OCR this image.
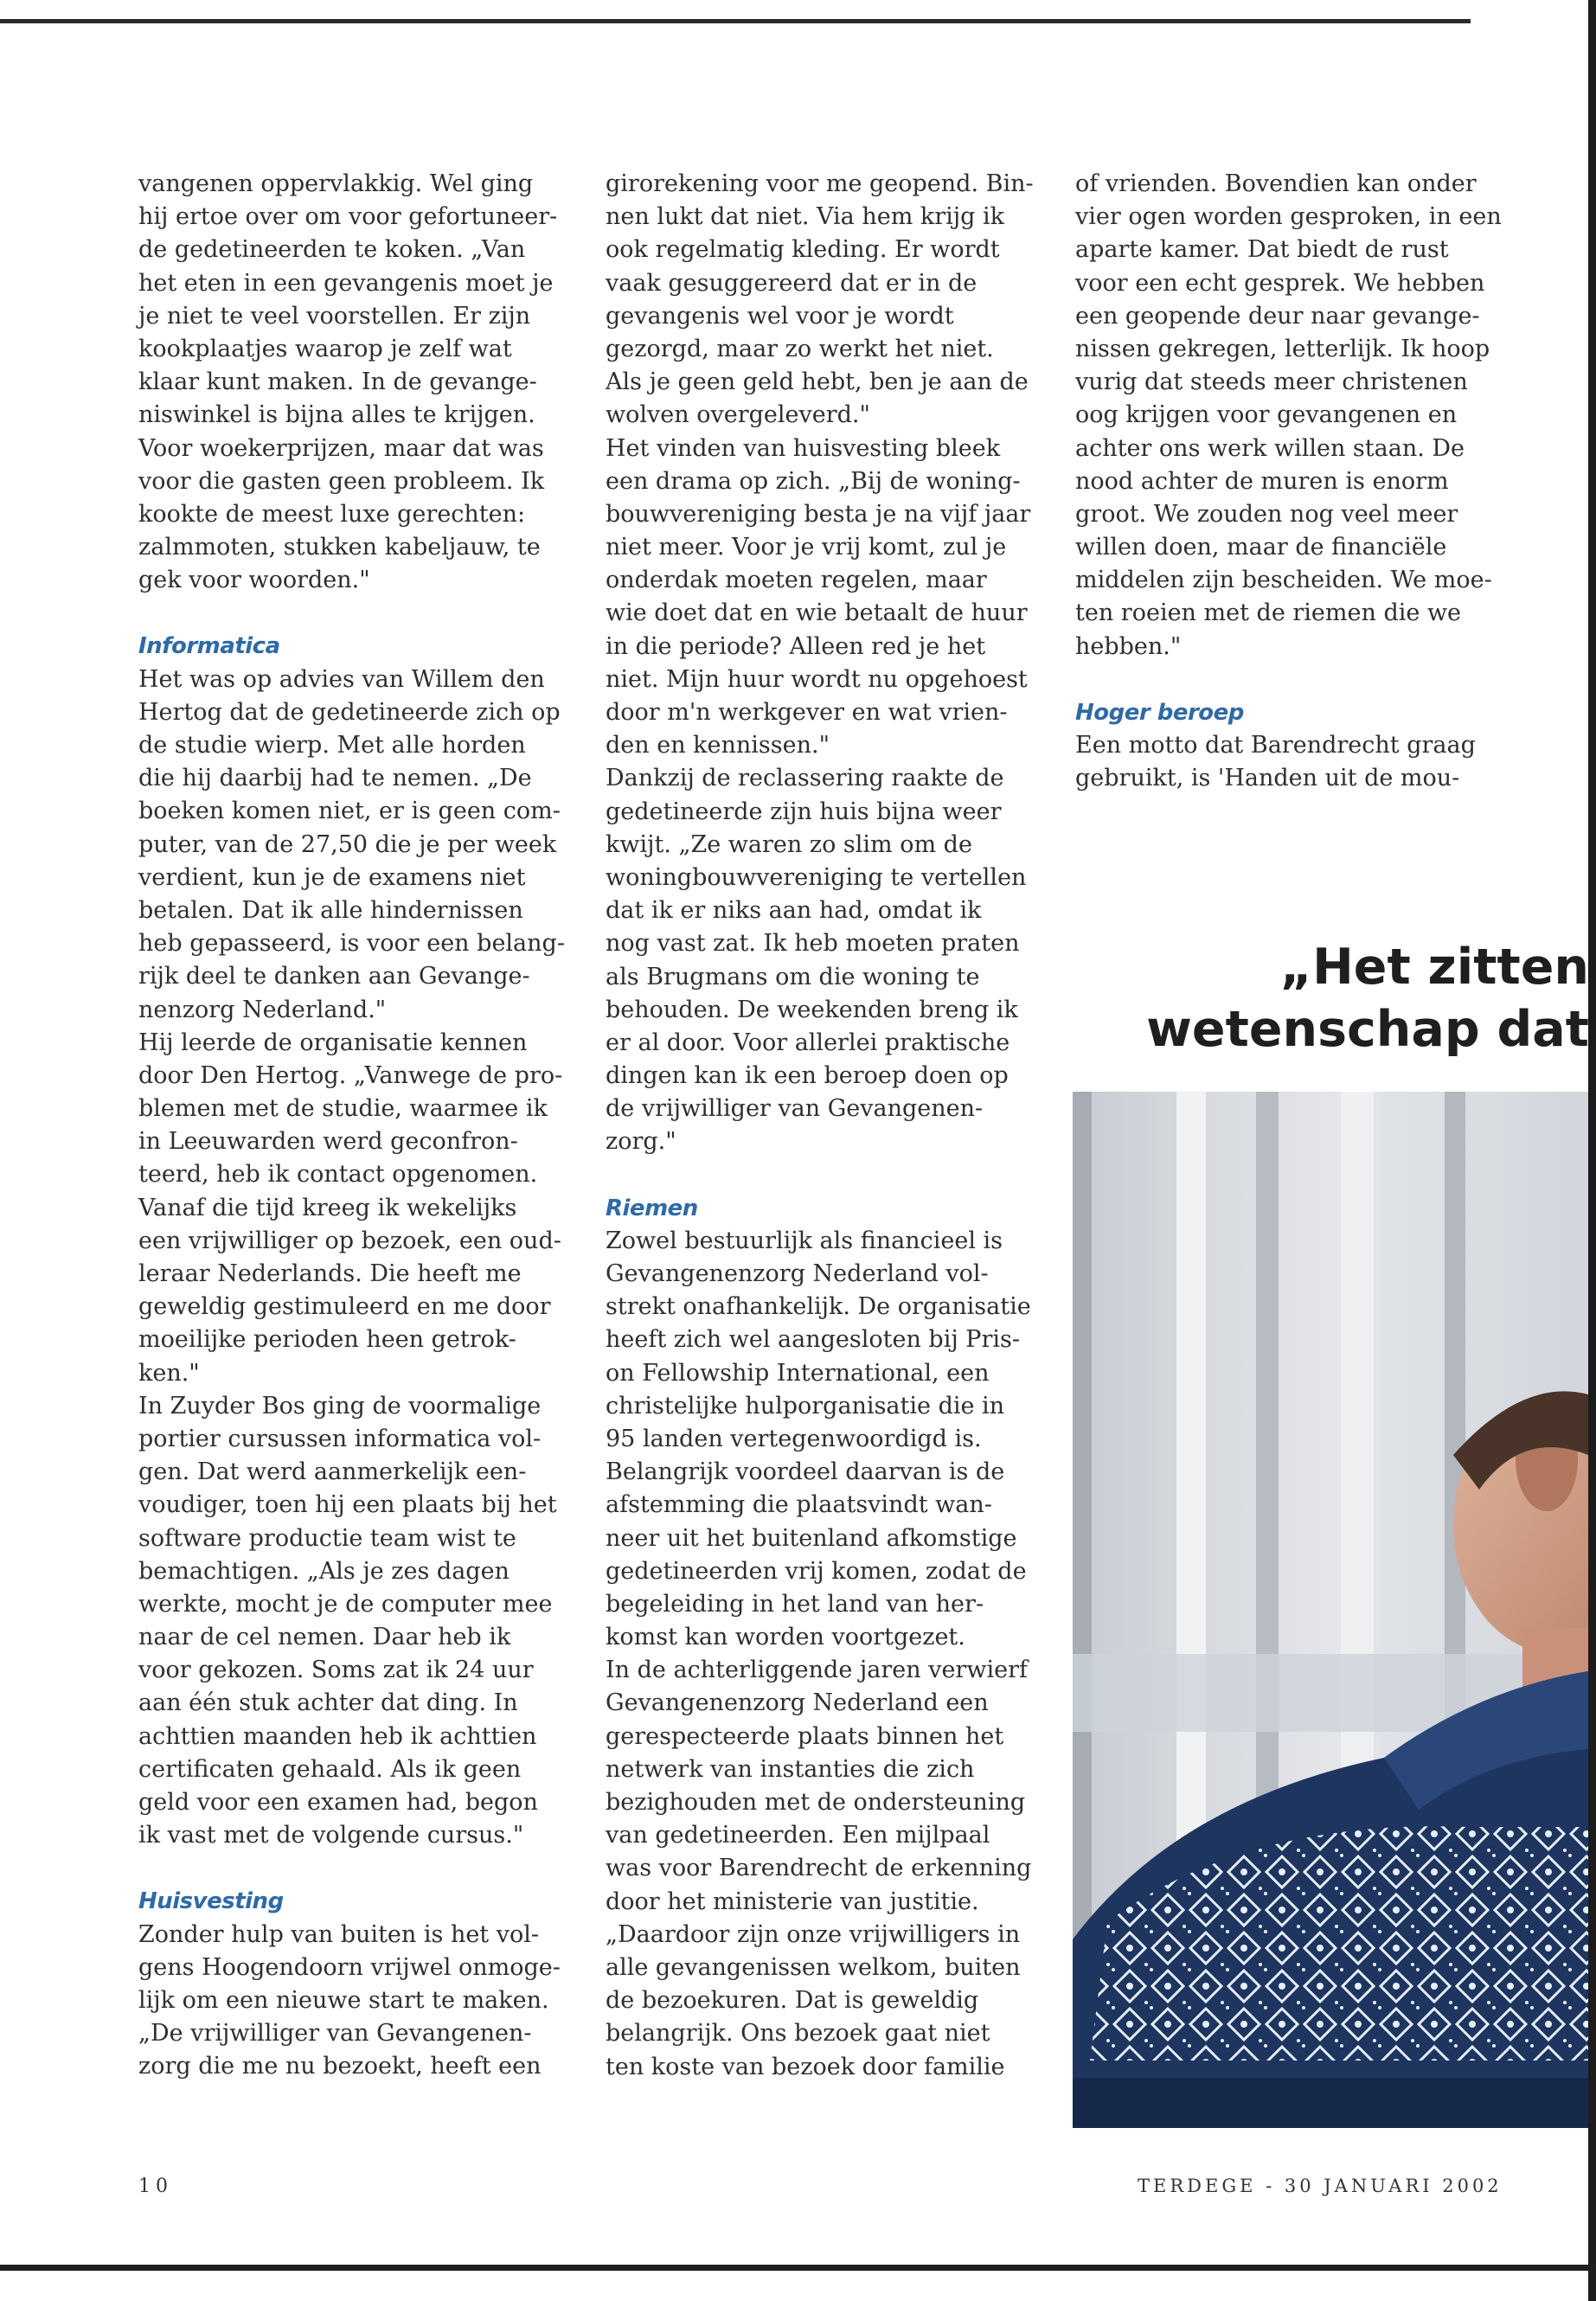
vangenen oppervlakkig. Wel ging
hij ertoe over om voor gefortuneer-
de gedetineerden te koken. „Van
het eten in een gevangenis moet je
je niet te veel voorstellen. Er zijn
kookplaatjes waarop je zelf wat
klaar kunt maken. In de gevange-
niswinkel is bijna alles te krijgen.
Voor woekerprijzen, maar dat was
voor die gasten geen probleem. Ik
kookte de meest luxe gerechten:
zalmmoten, stukken kabeljauw, te
gek voor woorden."
Informatica
Het was op advies van Willem den
Hertog dat de gedetineerde zich op
de studie wierp. Met alle horden
die hij daarbij had te nemen. „De
boeken komen niet, er is geen com-
puter, van de 27,50 die je per week
verdient, kun je de examens niet
betalen. Dat ik alle hindernissen
heb gepasseerd, is voor een belang-
rijk deel te danken aan Gevange-
nenzorg Nederland."
Hij leerde de organisatie kennen
door Den Hertog. „Vanwege de pro-
blemen met de studie, waarmee ik
in Leeuwarden werd geconfron-
teerd, heb ik contact opgenomen.
Vanaf die tijd kreeg ik wekelijks
een vrijwilliger op bezoek, een oud-
leraar Nederlands. Die heeft me
geweldig gestimuleerd en me door
moeilijke perioden heen getrok-
ken."
In Zuyder Bos ging de voormalige
portier cursussen informatica vol-
gen. Dat werd aanmerkelijk een-
voudiger, toen hij een plaats bij het
software productie team wist te
bemachtigen. „Als je zes dagen
werkte, mocht je de computer mee
naar de cel nemen. Daar heb ik
voor gekozen. Soms zat ik 24 uur
aan één stuk achter dat ding. In
achttien maanden heb ik achttien
certificaten gehaald. Als ik geen
geld voor een examen had, begon
ik vast met de volgende cursus."
Huisvesting
Zonder hulp van buiten is het vol-
gens Hoogendoorn vrijwel onmoge-
lijk om een nieuwe start te maken.
„De vrijwilliger van Gevangenen-
zorg die me nu bezoekt, heeft een
girorekening voor me geopend. Bin-
nen lukt dat niet. Via hem krijg ik
ook regelmatig kleding. Er wordt
vaak gesuggereerd dat er in de
gevangenis wel voor je wordt
gezorgd, maar zo werkt het niet.
Als je geen geld hebt, ben je aan de
wolven overgeleverd."
Het vinden van huisvesting bleek
een drama op zich. „Bij de woning-
bouwvereniging besta je na vijf jaar
niet meer. Voor je vrij komt, zul je
onderdak moeten regelen, maar
wie doet dat en wie betaalt de huur
in die periode? Alleen red je het
niet. Mijn huur wordt nu opgehoest
door m'n werkgever en wat vrien-
den en kennissen."
Dankzij de reclassering raakte de
gedetineerde zijn huis bijna weer
kwijt. „Ze waren zo slim om de
woningbouwvereniging te vertellen
dat ik er niks aan had, omdat ik
nog vast zat. Ik heb moeten praten
als Brugmans om die woning te
behouden. De weekenden breng ik
er al door. Voor allerlei praktische
dingen kan ik een beroep doen op
de vrijwilliger van Gevangenen-
zorg."
Riemen
Zowel bestuurlijk als financieel is
Gevangenenzorg Nederland vol-
strekt onafhankelijk. De organisatie
heeft zich wel aangesloten bij Pris-
on Fellowship International, een
christelijke hulporganisatie die in
95 landen vertegenwoordigd is.
Belangrijk voordeel daarvan is de
afstemming die plaatsvindt wan-
neer uit het buitenland afkomstige
gedetineerden vrij komen, zodat de
begeleiding in het land van her-
komst kan worden voortgezet.
In de achterliggende jaren verwierf
Gevangenenzorg Nederland een
gerespecteerde plaats binnen het
netwerk van instanties die zich
bezighouden met de ondersteuning
van gedetineerden. Een mijlpaal
was voor Barendrecht de erkenning
door het ministerie van justitie.
„Daardoor zijn onze vrijwilligers in
alle gevangenissen welkom, buiten
de bezoekuren. Dat is geweldig
belangrijk. Ons bezoek gaat niet
ten koste van bezoek door familie
of vrienden. Bovendien kan onder
vier ogen worden gesproken, in een
aparte kamer. Dat biedt de rust
voor een echt gesprek. We hebben
een geopende deur naar gevange-
nissen gekregen, letterlijk. Ik hoop
vurig dat steeds meer christenen
oog krijgen voor gevangenen en
achter ons werk willen staan. De
nood achter de muren is enorm
groot. We zouden nog veel meer
willen doen, maar de financiële
middelen zijn bescheiden. We moe-
ten roeien met de riemen die we
hebben."
Hoger beroep
Een motto dat Barendrecht graag
gebruikt, is 'Handen uit de mou-
„Het zitten
wetenschap dat
10	TERDEGE - 30 JANUARI 2002
